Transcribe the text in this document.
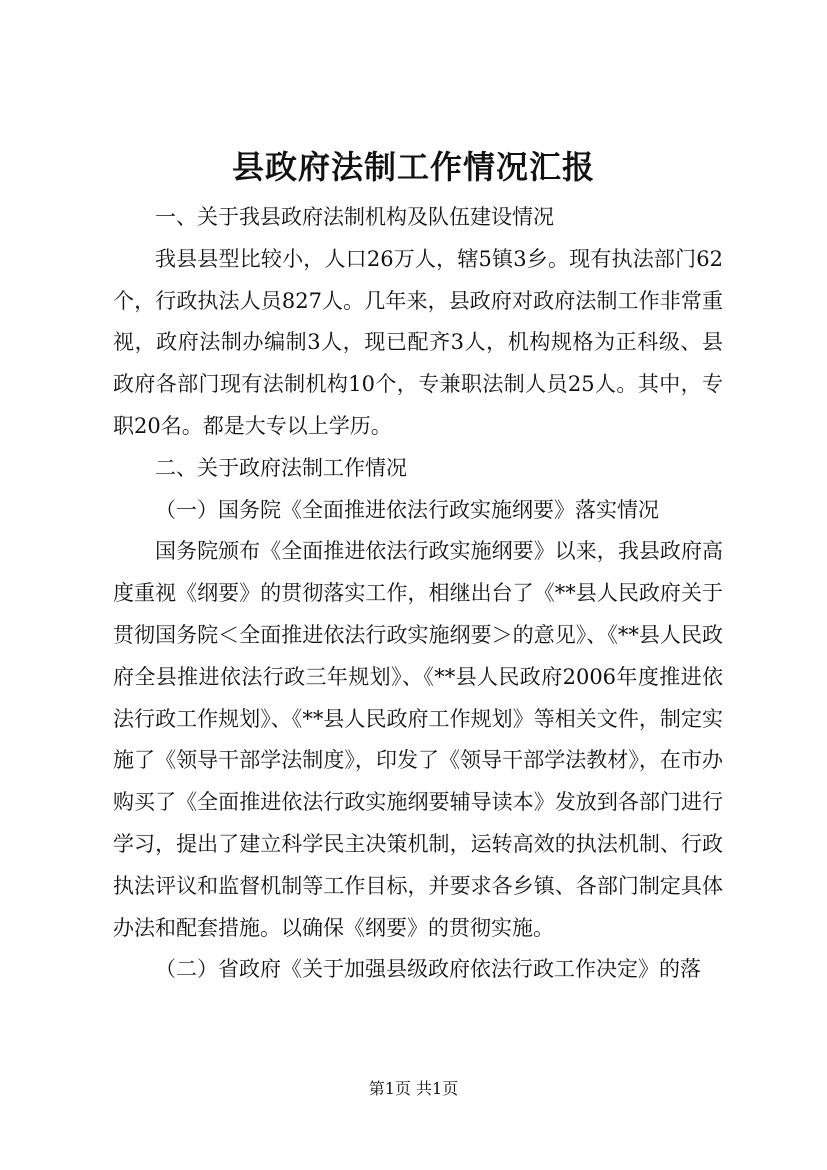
县政府法制工作情况汇报

一、关于我县政府法制机构及队伍建设情况

我县县型比较小，人口26万人，辖5镇3乡。现有执法部门62个，行政执法人员827人。几年来，县政府对政府法制工作非常重视，政府法制办编制3人，现已配齐3人，机构规格为正科级、县政府各部门现有法制机构10个，专兼职法制人员25人。其中，专职20名。都是大专以上学历。

二、关于政府法制工作情况

（一）国务院《全面推进依法行政实施纲要》落实情况

国务院颁布《全面推进依法行政实施纲要》以来，我县政府高度重视《纲要》的贯彻落实工作，相继出台了《**县人民政府关于贯彻国务院＜全面推进依法行政实施纲要＞的意见》、《**县人民政府全县推进依法行政三年规划》、《**县人民政府2006年度推进依法行政工作规划》、《**县人民政府工作规划》等相关文件，制定实施了《领导干部学法制度》，印发了《领导干部学法教材》，在市办购买了《全面推进依法行政实施纲要辅导读本》发放到各部门进行学习，提出了建立科学民主决策机制，运转高效的执法机制、行政执法评议和监督机制等工作目标，并要求各乡镇、各部门制定具体办法和配套措施。以确保《纲要》的贯彻实施。

（二）省政府《关于加强县级政府依法行政工作决定》的落

第1页 共1页
